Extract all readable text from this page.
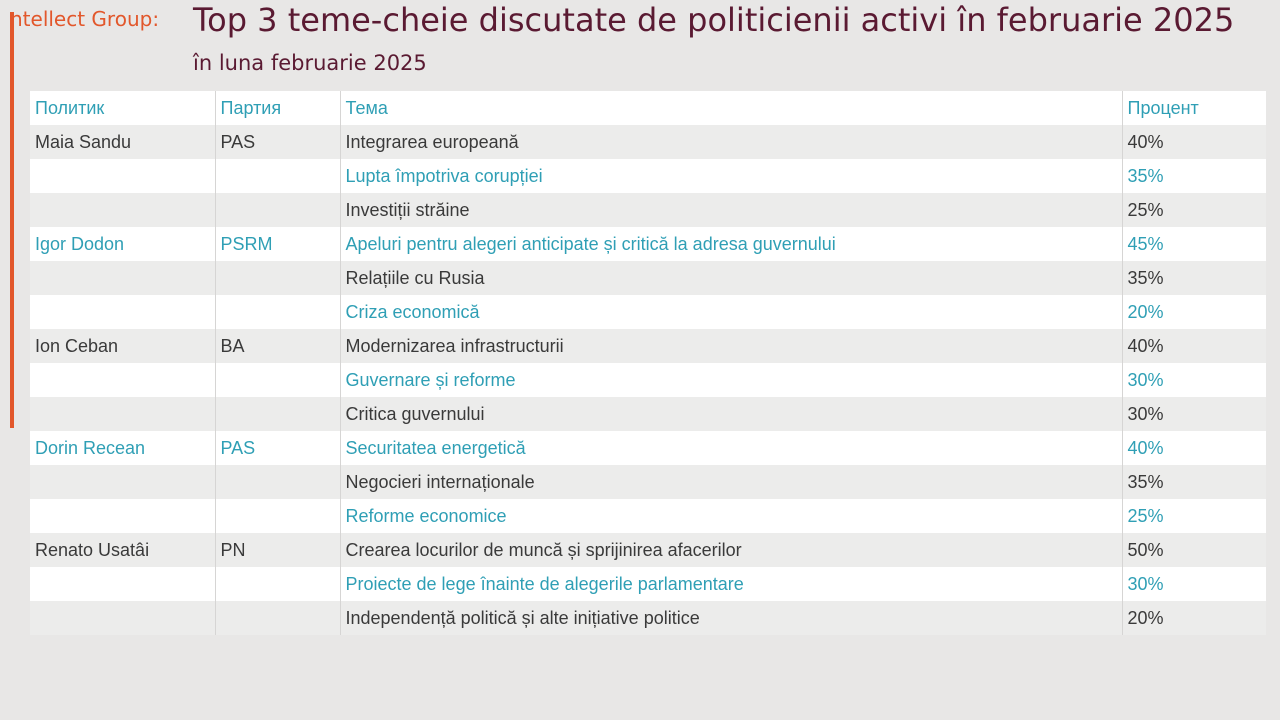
ntellect Group: Top 3 teme-cheie discutate de politicienii activi în februarie 2025
în luna februarie 2025
Политик	Партия	Тема	Процент
Maia Sandu	PAS	Integrarea europeană	40%
		Lupta împotriva corupției	35%
		Investiții străine	25%
Igor Dodon	PSRM	Apeluri pentru alegeri anticipate și critică la adresa guvernului	45%
		Relațiile cu Rusia	35%
		Criza economică	20%
Ion Ceban	BA	Modernizarea infrastructurii	40%
		Guvernare și reforme	30%
		Critica guvernului	30%
Dorin Recean	PAS	Securitatea energetică	40%
		Negocieri internaționale	35%
		Reforme economice	25%
Renato Usatâi	PN	Crearea locurilor de muncă și sprijinirea afacerilor	50%
		Proiecte de lege înainte de alegerile parlamentare	30%
		Independență politică și alte inițiative politice	20%
